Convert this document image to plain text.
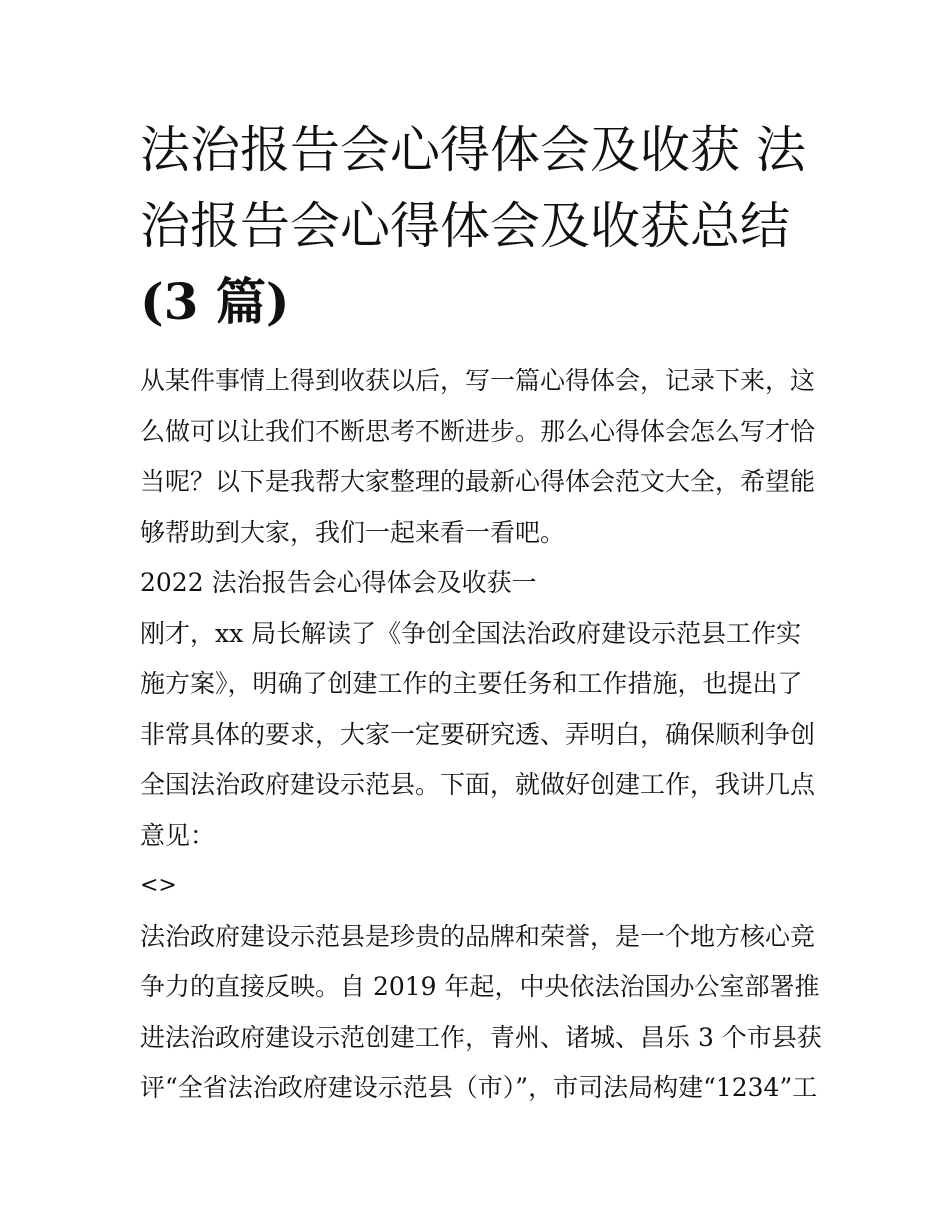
法治报告会心得体会及收获 法
治报告会心得体会及收获总结
(3 篇)
从某件事情上得到收获以后，写一篇心得体会，记录下来，这
么做可以让我们不断思考不断进步。那么心得体会怎么写才恰
当呢？以下是我帮大家整理的最新心得体会范文大全，希望能
够帮助到大家，我们一起来看一看吧。
2022 法治报告会心得体会及收获一
刚才，xx 局长解读了《争创全国法治政府建设示范县工作实
施方案》，明确了创建工作的主要任务和工作措施，也提出了
非常具体的要求，大家一定要研究透、弄明白，确保顺利争创
全国法治政府建设示范县。下面，就做好创建工作，我讲几点
意见：
<>
法治政府建设示范县是珍贵的品牌和荣誉，是一个地方核心竞
争力的直接反映。自 2019 年起，中央依法治国办公室部署推
进法治政府建设示范创建工作，青州、诸城、昌乐 3 个市县获
评“全省法治政府建设示范县（市）”，市司法局构建“1234”工
